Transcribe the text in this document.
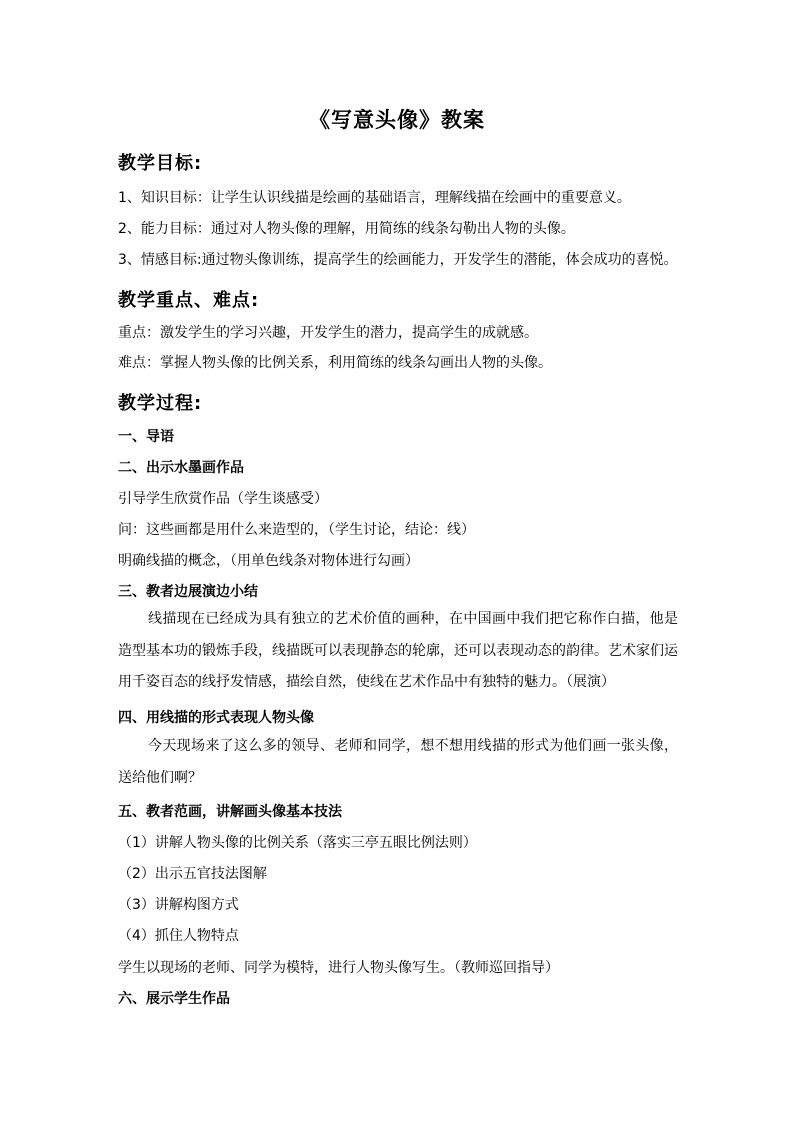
《写意头像》教案
教学目标:
1、知识目标：让学生认识线描是绘画的基础语言，理解线描在绘画中的重要意义。
2、能力目标：通过对人物头像的理解，用简练的线条勾勒出人物的头像。
3、情感目标:通过物头像训练，提高学生的绘画能力，开发学生的潜能，体会成功的喜悦。
教学重点、难点:
重点：激发学生的学习兴趣，开发学生的潜力，提高学生的成就感。
难点：掌握人物头像的比例关系，利用简练的线条勾画出人物的头像。
教学过程:
一、导语
二、出示水墨画作品
引导学生欣赏作品（学生谈感受）
问：这些画都是用什么来造型的，（学生讨论，结论：线）
明确线描的概念，（用单色线条对物体进行勾画）
三、教者边展演边小结
线描现在已经成为具有独立的艺术价值的画种，在中国画中我们把它称作白描，他是造型基本功的锻炼手段，线描既可以表现静态的轮廓，还可以表现动态的韵律。艺术家们运用千姿百态的线抒发情感，描绘自然，使线在艺术作品中有独特的魅力。（展演）
四、用线描的形式表现人物头像
今天现场来了这么多的领导、老师和同学，想不想用线描的形式为他们画一张头像，送给他们啊？
五、教者范画，讲解画头像基本技法
（1）讲解人物头像的比例关系（落实三亭五眼比例法则）
（2）出示五官技法图解
（3）讲解构图方式
（4）抓住人物特点
学生以现场的老师、同学为模特，进行人物头像写生。（教师巡回指导）
六、展示学生作品
